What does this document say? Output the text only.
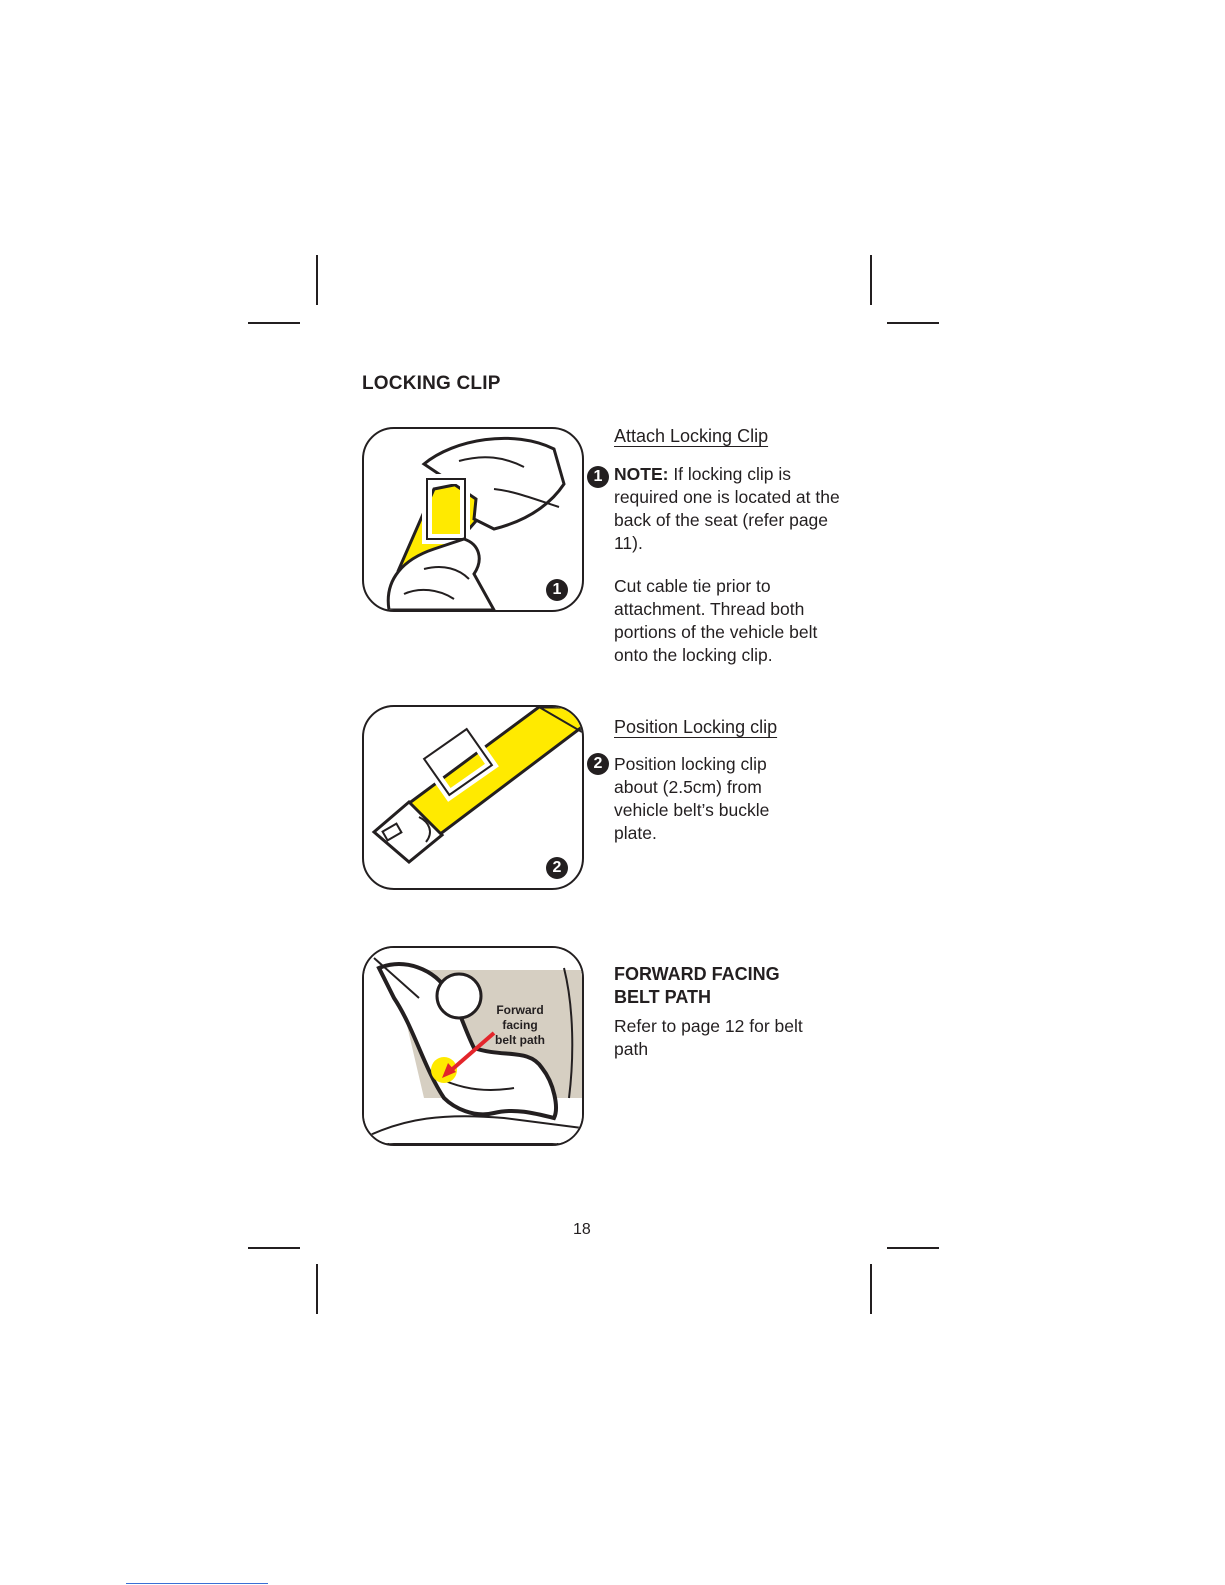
LOCKING CLIP
1
1
Attach Locking Clip
NOTE: If locking clip is required one is located at the back of the seat (refer page 11).
Cut cable tie prior to attachment. Thread both portions of the vehicle belt onto the locking clip.
2
2
Position Locking clip
Position locking clip about (2.5cm) from vehicle belt’s buckle plate.
Forward
facing
belt path
FORWARD FACING BELT PATH
Refer to page 12 for belt path
18
